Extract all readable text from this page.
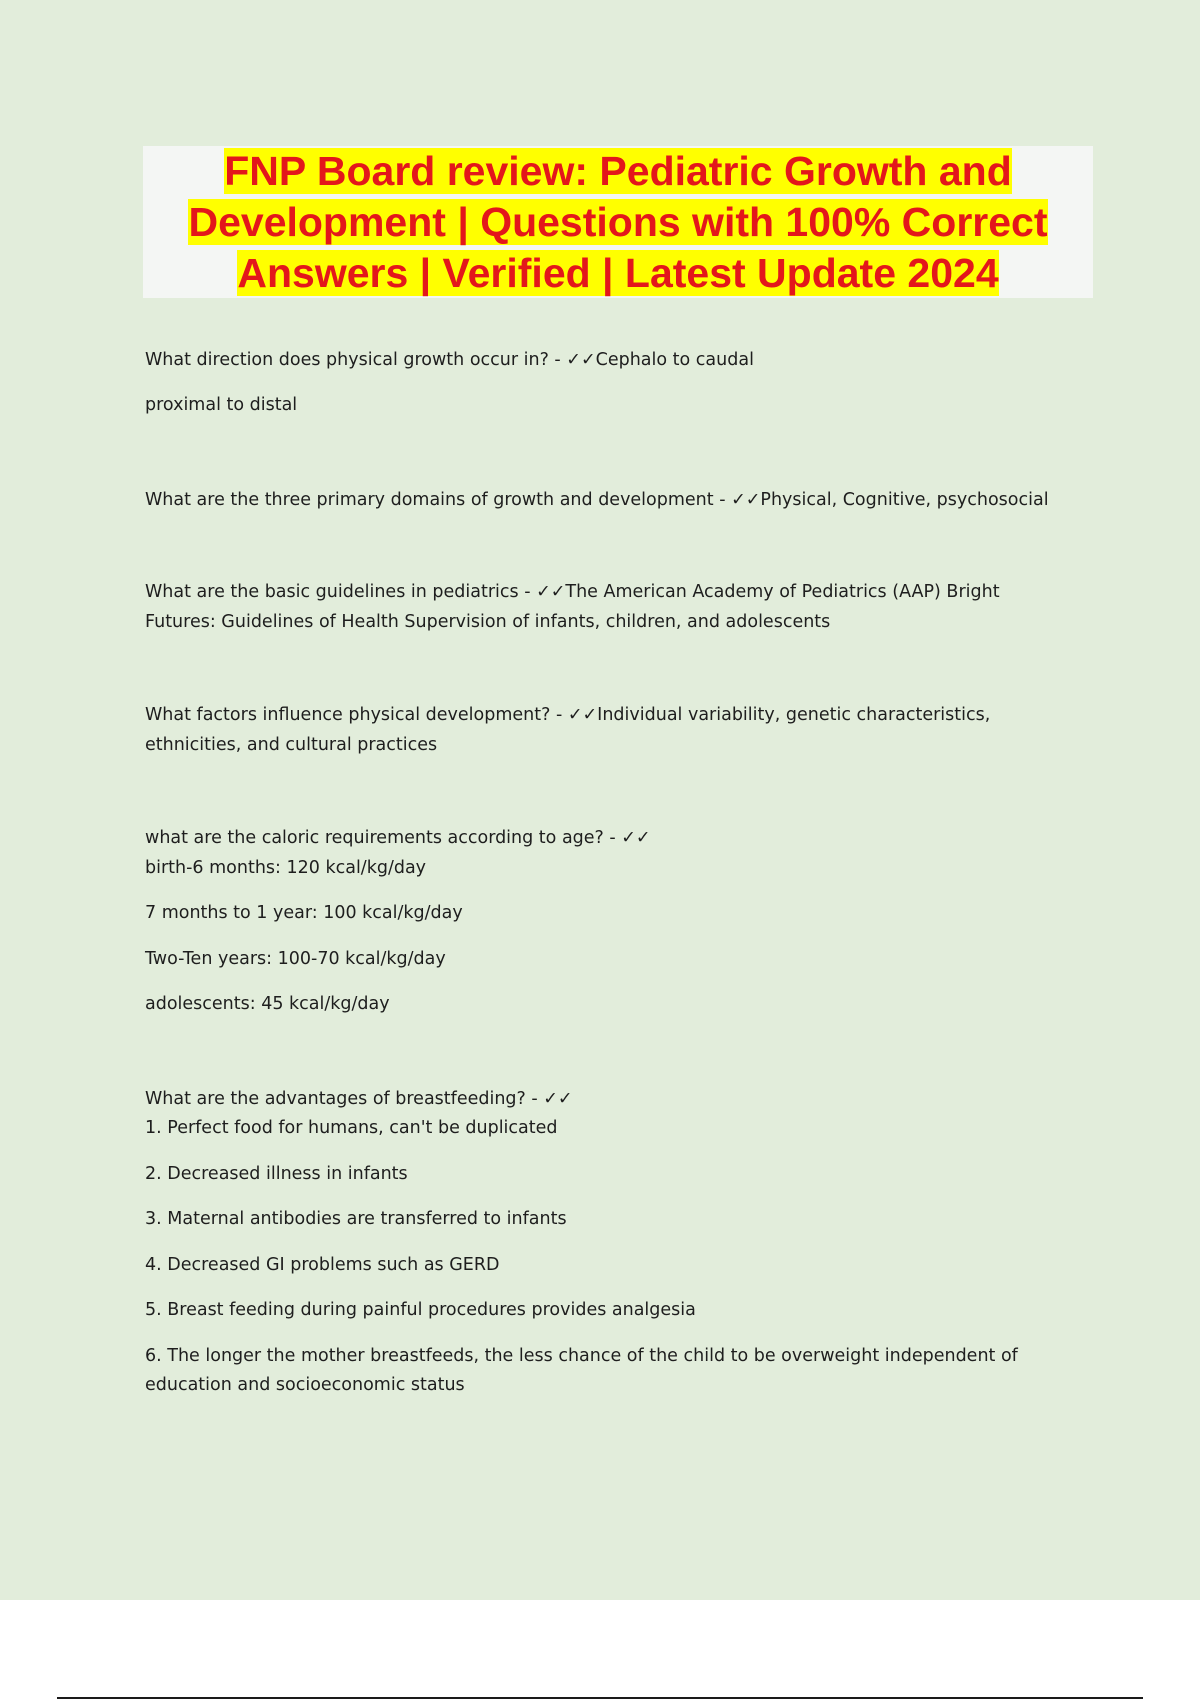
FNP Board review: Pediatric Growth and Development | Questions with 100% Correct Answers | Verified | Latest Update 2024
What direction does physical growth occur in? - ✓✓Cephalo to caudal
proximal to distal
What are the three primary domains of growth and development - ✓✓Physical, Cognitive, psychosocial
What are the basic guidelines in pediatrics - ✓✓The American Academy of Pediatrics (AAP) Bright
Futures: Guidelines of Health Supervision of infants, children, and adolescents
What factors influence physical development? - ✓✓Individual variability, genetic characteristics,
ethnicities, and cultural practices
what are the caloric requirements according to age? - ✓✓
birth-6 months: 120 kcal/kg/day
7 months to 1 year: 100 kcal/kg/day
Two-Ten years: 100-70 kcal/kg/day
adolescents: 45 kcal/kg/day
What are the advantages of breastfeeding? - ✓✓
1. Perfect food for humans, can't be duplicated
2. Decreased illness in infants
3. Maternal antibodies are transferred to infants
4. Decreased GI problems such as GERD
5. Breast feeding during painful procedures provides analgesia
6. The longer the mother breastfeeds, the less chance of the child to be overweight independent of
education and socioeconomic status
